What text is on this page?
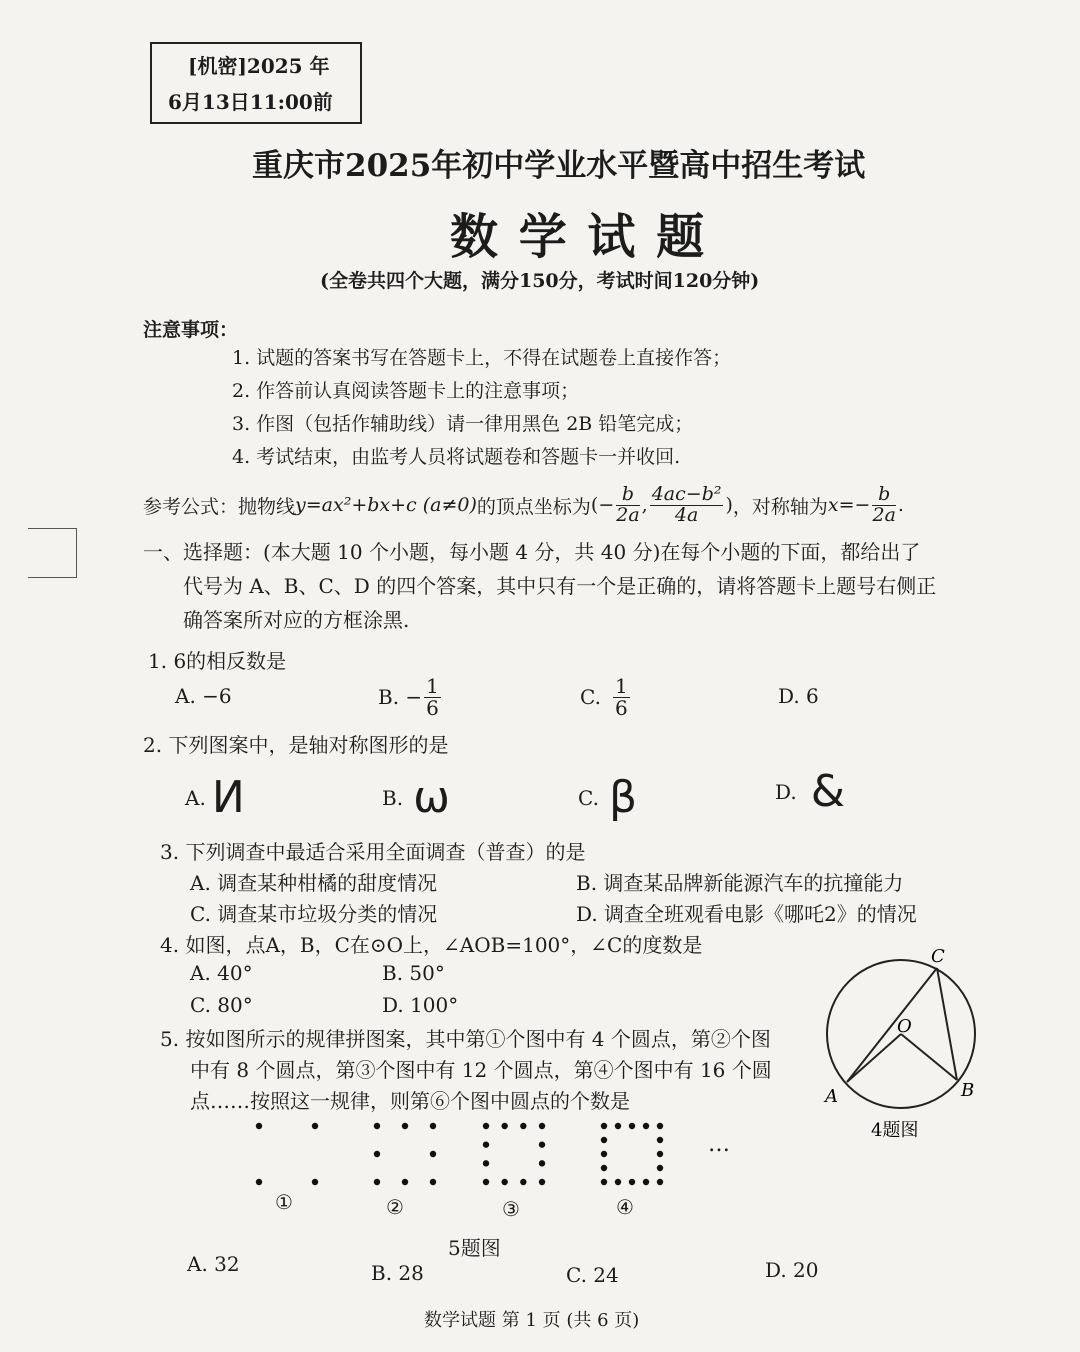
[机密]2025 年
6月13日11:00前
重庆市2025年初中学业水平暨高中招生考试
数 学 试 题
(全卷共四个大题，满分150分，考试时间120分钟)
注意事项：
1. 试题的答案书写在答题卡上，不得在试题卷上直接作答；
2. 作答前认真阅读答题卡上的注意事项；
3. 作图（包括作辅助线）请一律用黑色 2B 铅笔完成；
4. 考试结束，由监考人员将试题卷和答题卡一并收回.
参考公式：抛物线 y=ax²+bx+c (a≠0) 的顶点坐标为 (− $\frac{b}{2a}$ , $\frac{\text{4ac−b²}}{4a}$ ) ，对称轴为 $x=- \frac{b}{2a}$ .
一、选择题：(本大题 10 个小题，每小题 4 分，共 40 分)在每个小题的下面，都给出了
代号为 A、B、C、D 的四个答案，其中只有一个是正确的，请将答题卡上题号右侧正
确答案所对应的方框涂黑.
1. 6的相反数是
A. −6	B. − $\frac{1}{6}$	C. $\frac{1}{6}$	D. 6
2. 下列图案中，是轴对称图形的是
A. И	B. ω	C. β	D. &
3. 下列调查中最适合采用全面调查（普查）的是
A. 调查某种柑橘的甜度情况	B. 调查某品牌新能源汽车的抗撞能力
C. 调查某市垃圾分类的情况	D. 调查全班观看电影《哪吒2》的情况
4. 如图，点A，B，C在⊙O上，∠AOB=100°，∠C的度数是
A. 40°	B. 50°
C. 80°	D. 100°
C
O
A	B
4题图
5. 按如图所示的规律拼图案，其中第①个图中有 4 个圆点，第②个图
中有 8 个圆点，第③个图中有 12 个圆点，第④个图中有 16 个圆
点……按照这一规律，则第⑥个图中圆点的个数是
…
①	②	③	④
5题图
A. 32	B. 28	C. 24	D. 20
数学试题 第 1 页 (共 6 页)
